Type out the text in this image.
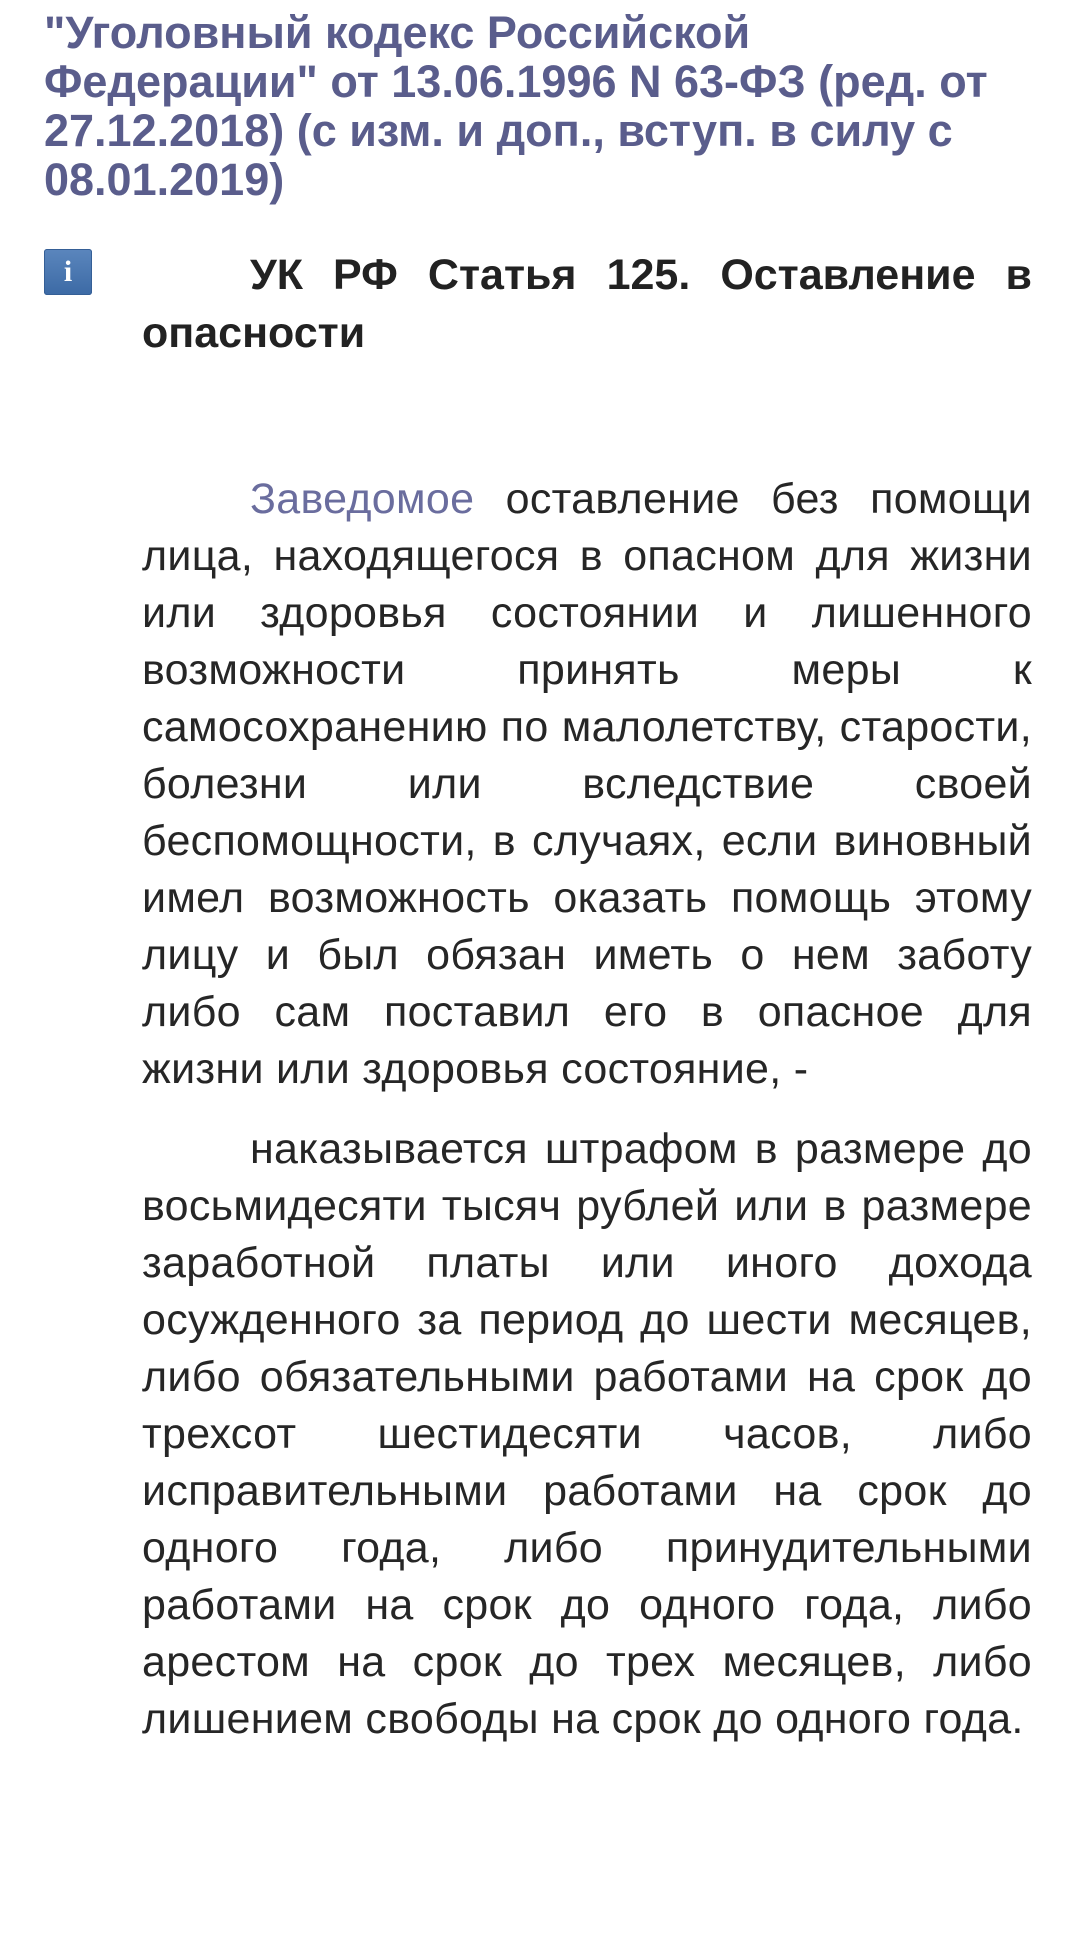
"Уголовный кодекс Российской Федерации" от 13.06.1996 N 63-ФЗ (ред. от 27.12.2018) (с изм. и доп., вступ. в силу с 08.01.2019)
i	УК РФ Статья 125. Оставление в опасности

Заведомое оставление без помощи лица, находящегося в опасном для жизни или здоровья состоянии и лишенного возможности принять меры к самосохранению по малолетству, старости, болезни или вследствие своей беспомощности, в случаях, если виновный имел возможность оказать помощь этому лицу и был обязан иметь о нем заботу либо сам поставил его в опасное для жизни или здоровья состояние, -

наказывается штрафом в размере до восьмидесяти тысяч рублей или в размере заработной платы или иного дохода осужденного за период до шести месяцев, либо обязательными работами на срок до трехсот шестидесяти часов, либо исправительными работами на срок до одного года, либо принудительными работами на срок до одного года, либо арестом на срок до трех месяцев, либо лишением свободы на срок до одного года.
